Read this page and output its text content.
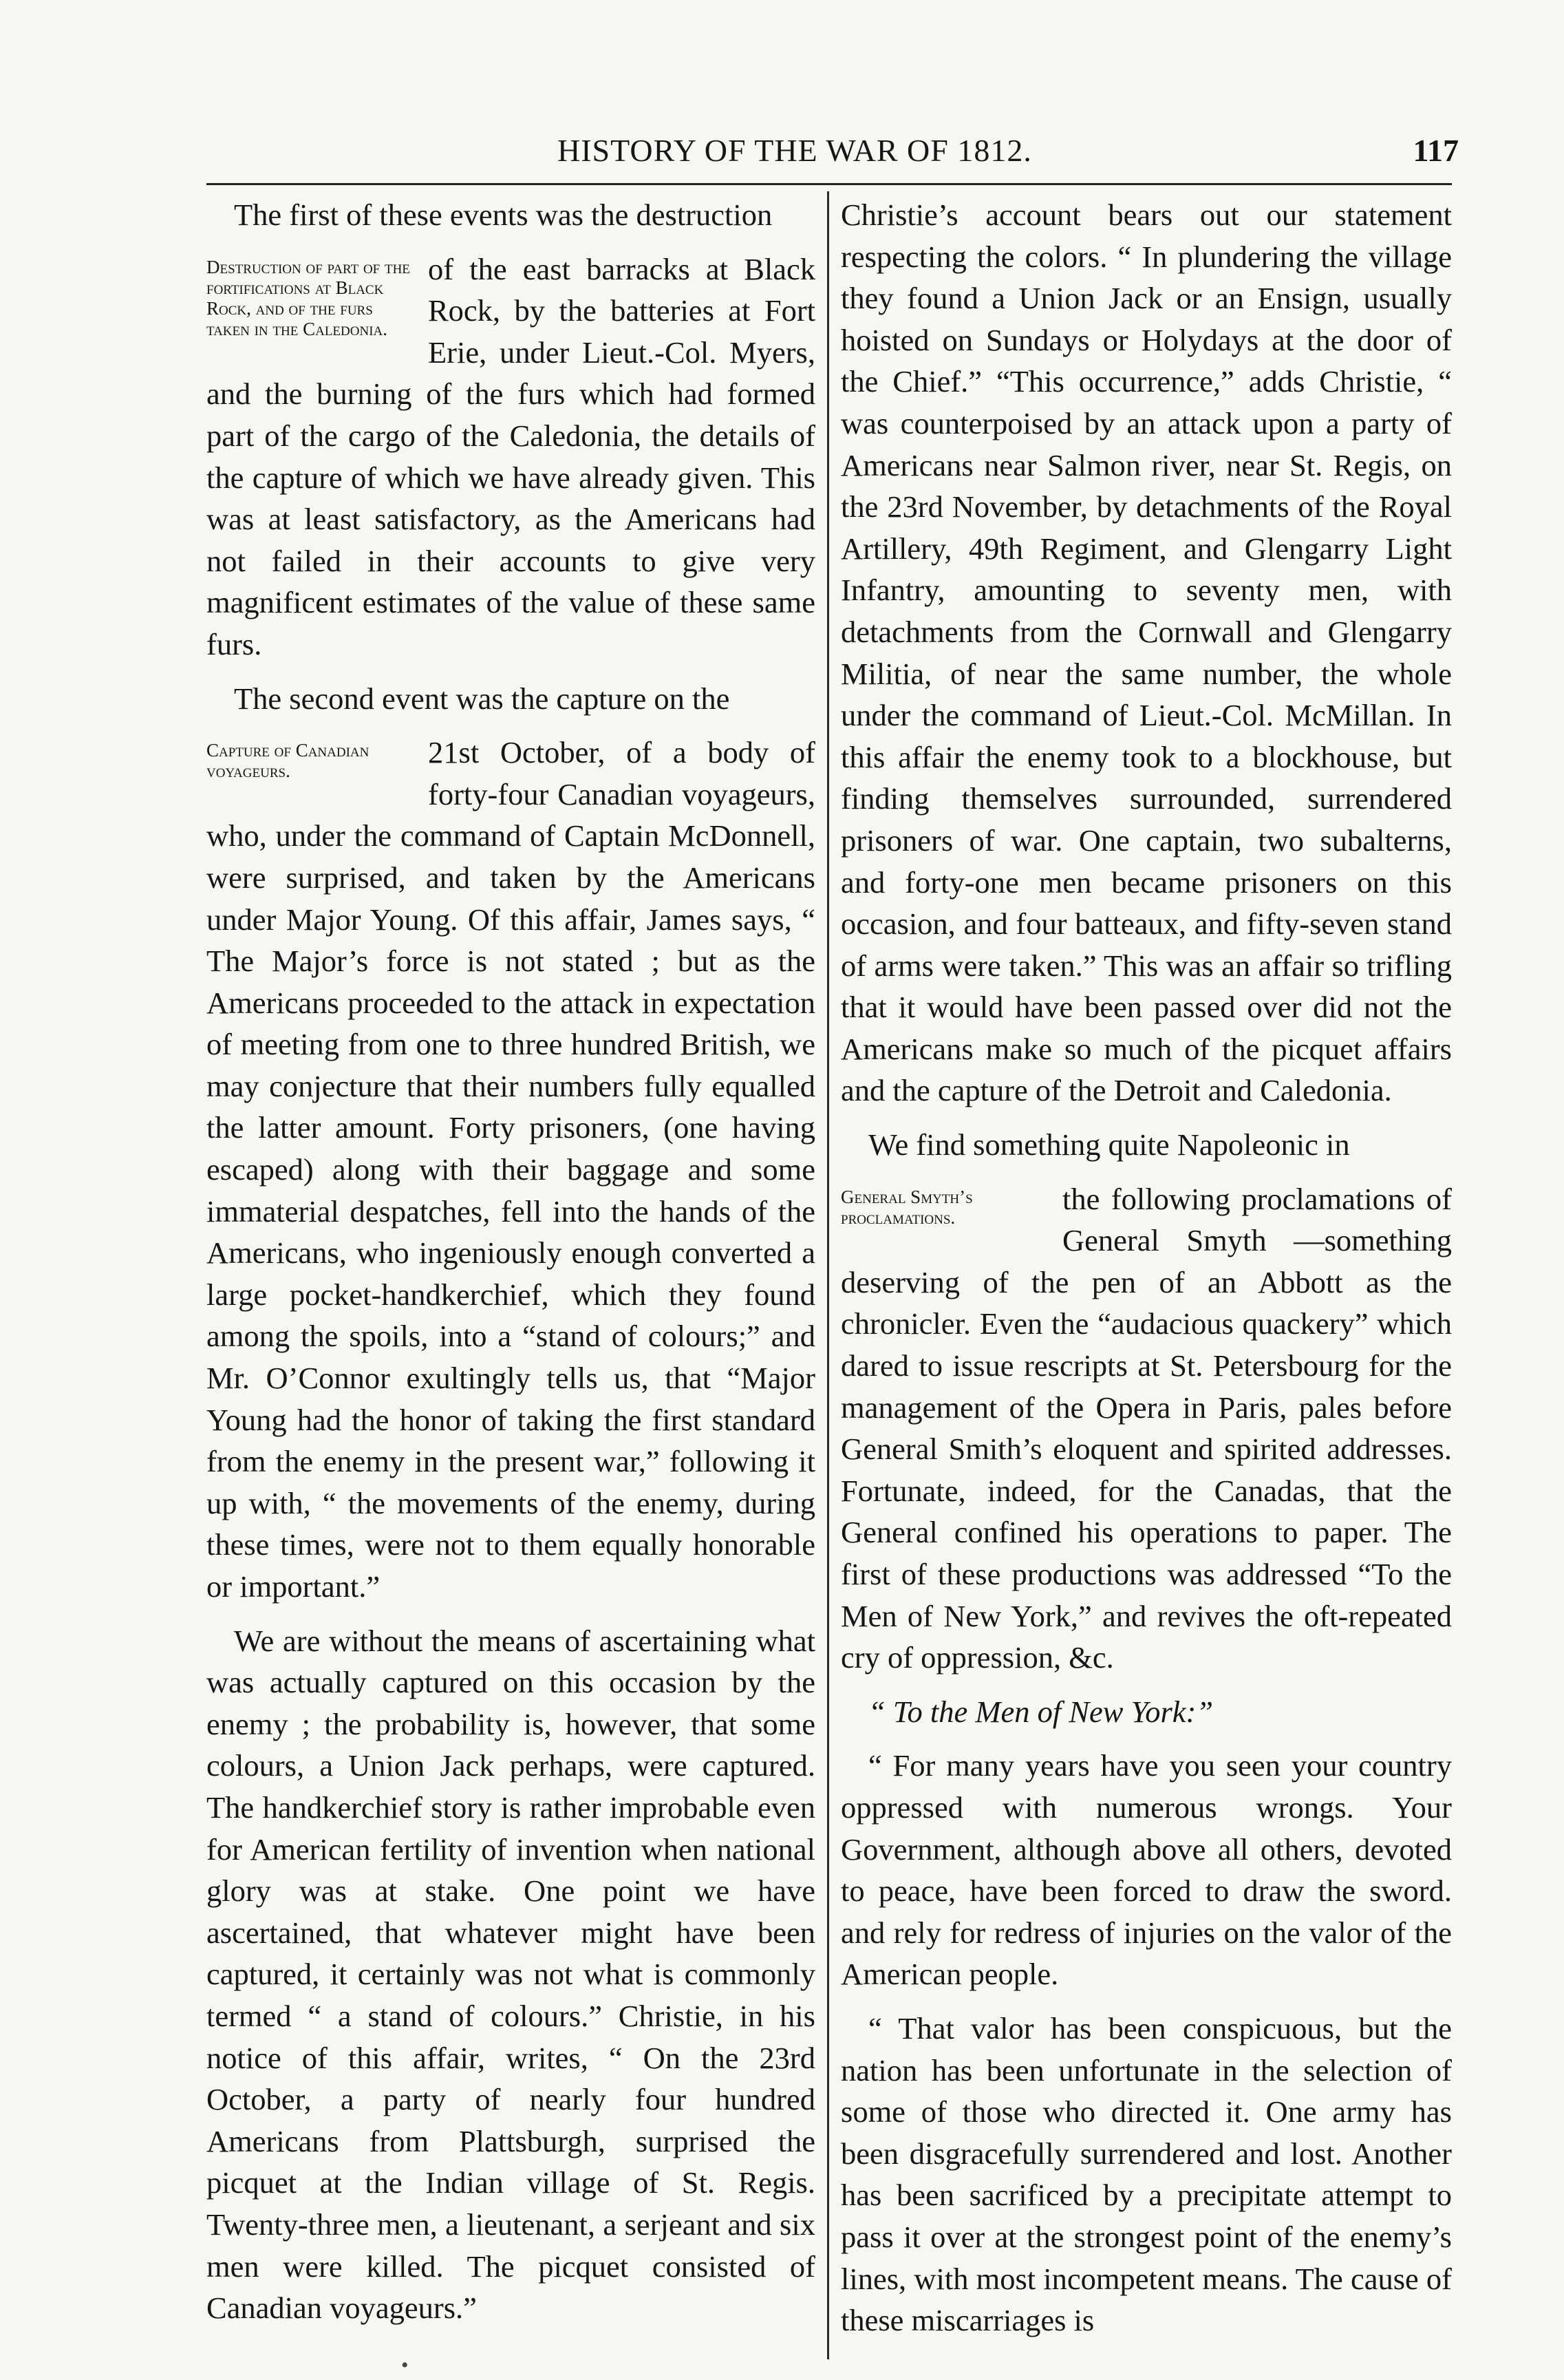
HISTORY OF THE WAR OF 1812.	117

The first of these events was the destruction

Destruction of part of the fortifications at Black Rock, and of the furs taken in the Caledonia.

of the east barracks at Black Rock, by the batteries at Fort Erie, under Lieut.-Col. Myers, and the burning of the furs which had formed part of the cargo of the Caledonia, the details of the capture of which we have already given. This was at least satisfactory, as the Americans had not failed in their accounts to give very magnificent estimates of the value of these same furs.

The second event was the capture on the

Capture of Canadian voyageurs.

21st October, of a body of forty-four Canadian voyageurs, who, under the command of Captain McDonnell, were surprised, and taken by the Americans under Major Young. Of this affair, James says, “ The Major’s force is not stated ; but as the Americans proceeded to the attack in expectation of meeting from one to three hundred British, we may conjecture that their numbers fully equalled the latter amount. Forty prisoners, (one having escaped) along with their baggage and some immaterial despatches, fell into the hands of the Americans, who ingeniously enough converted a large pocket-handkerchief, which they found among the spoils, into a “stand of colours;” and Mr. O’Connor exultingly tells us, that “Major Young had the honor of taking the first standard from the enemy in the present war,” following it up with, “ the movements of the enemy, during these times, were not to them equally honorable or important.”

We are without the means of ascertaining what was actually captured on this occasion by the enemy ; the probability is, however, that some colours, a Union Jack perhaps, were captured. The handkerchief story is rather improbable even for American fertility of invention when national glory was at stake. One point we have ascertained, that whatever might have been captured, it certainly was not what is commonly termed “ a stand of colours.” Christie, in his notice of this affair, writes, “ On the 23rd October, a party of nearly four hundred Americans from Plattsburgh, surprised the picquet at the Indian village of St. Regis. Twenty-three men, a lieutenant, a serjeant and six men were killed. The picquet consisted of Canadian voyageurs.”

Christie’s account bears out our statement respecting the colors. “ In plundering the village they found a Union Jack or an Ensign, usually hoisted on Sundays or Holydays at the door of the Chief.” “This occurrence,” adds Christie, “ was counterpoised by an attack upon a party of Americans near Salmon river, near St. Regis, on the 23rd November, by detachments of the Royal Artillery, 49th Regiment, and Glengarry Light Infantry, amounting to seventy men, with detachments from the Cornwall and Glengarry Militia, of near the same number, the whole under the command of Lieut.-Col. McMillan. In this affair the enemy took to a blockhouse, but finding themselves surrounded, surrendered prisoners of war. One captain, two subalterns, and forty-one men became prisoners on this occasion, and four batteaux, and fifty-seven stand of arms were taken.” This was an affair so trifling that it would have been passed over did not the Americans make so much of the picquet affairs and the capture of the Detroit and Caledonia.

We find something quite Napoleonic in

General Smyth’s proclamations.

the following proclamations of General Smyth —something deserving of the pen of an Abbott as the chronicler. Even the “audacious quackery” which dared to issue rescripts at St. Petersbourg for the management of the Opera in Paris, pales before General Smith’s eloquent and spirited addresses. Fortunate, indeed, for the Canadas, that the General confined his operations to paper. The first of these productions was addressed “To the Men of New York,” and revives the oft-repeated cry of oppression, &c.

“ To the Men of New York:”

“ For many years have you seen your country oppressed with numerous wrongs. Your Government, although above all others, devoted to peace, have been forced to draw the sword. and rely for redress of injuries on the valor of the American people.

“ That valor has been conspicuous, but the nation has been unfortunate in the selection of some of those who directed it. One army has been disgracefully surrendered and lost. Another has been sacrificed by a precipitate attempt to pass it over at the strongest point of the enemy’s lines, with most incompetent means. The cause of these miscarriages is

•
